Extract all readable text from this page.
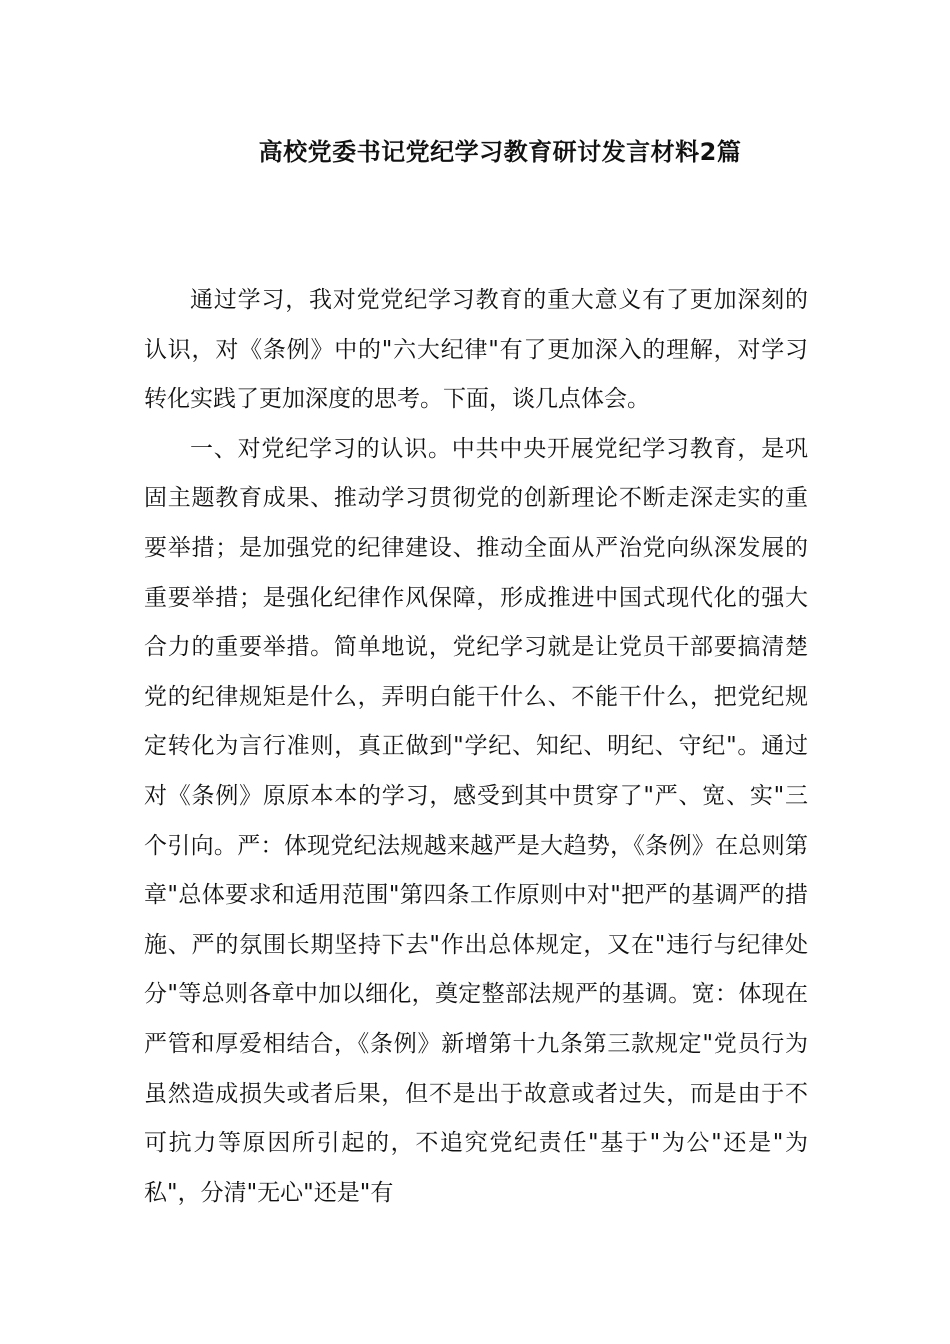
高校党委书记党纪学习教育研讨发言材料2篇

通过学习，我对党党纪学习教育的重大意义有了更加深刻的认识，对《条例》中的"六大纪律"有了更加深入的理解，对学习转化实践了更加深度的思考。下面，谈几点体会。

一、对党纪学习的认识。中共中央开展党纪学习教育，是巩固主题教育成果、推动学习贯彻党的创新理论不断走深走实的重要举措；是加强党的纪律建设、推动全面从严治党向纵深发展的重要举措；是强化纪律作风保障，形成推进中国式现代化的强大合力的重要举措。简单地说，党纪学习就是让党员干部要搞清楚党的纪律规矩是什么，弄明白能干什么、不能干什么，把党纪规定转化为言行准则，真正做到"学纪、知纪、明纪、守纪"。通过对《条例》原原本本的学习，感受到其中贯穿了"严、宽、实"三个引向。严：体现党纪法规越来越严是大趋势，《条例》在总则第章"总体要求和适用范围"第四条工作原则中对"把严的基调严的措施、严的氛围长期坚持下去"作出总体规定，又在"违行与纪律处分"等总则各章中加以细化，奠定整部法规严的基调。宽：体现在严管和厚爱相结合，《条例》新增第十九条第三款规定"党员行为虽然造成损失或者后果，但不是出于故意或者过失，而是由于不可抗力等原因所引起的，不追究党纪责任"基于"为公"还是"为私"，分清"无心"还是"有
